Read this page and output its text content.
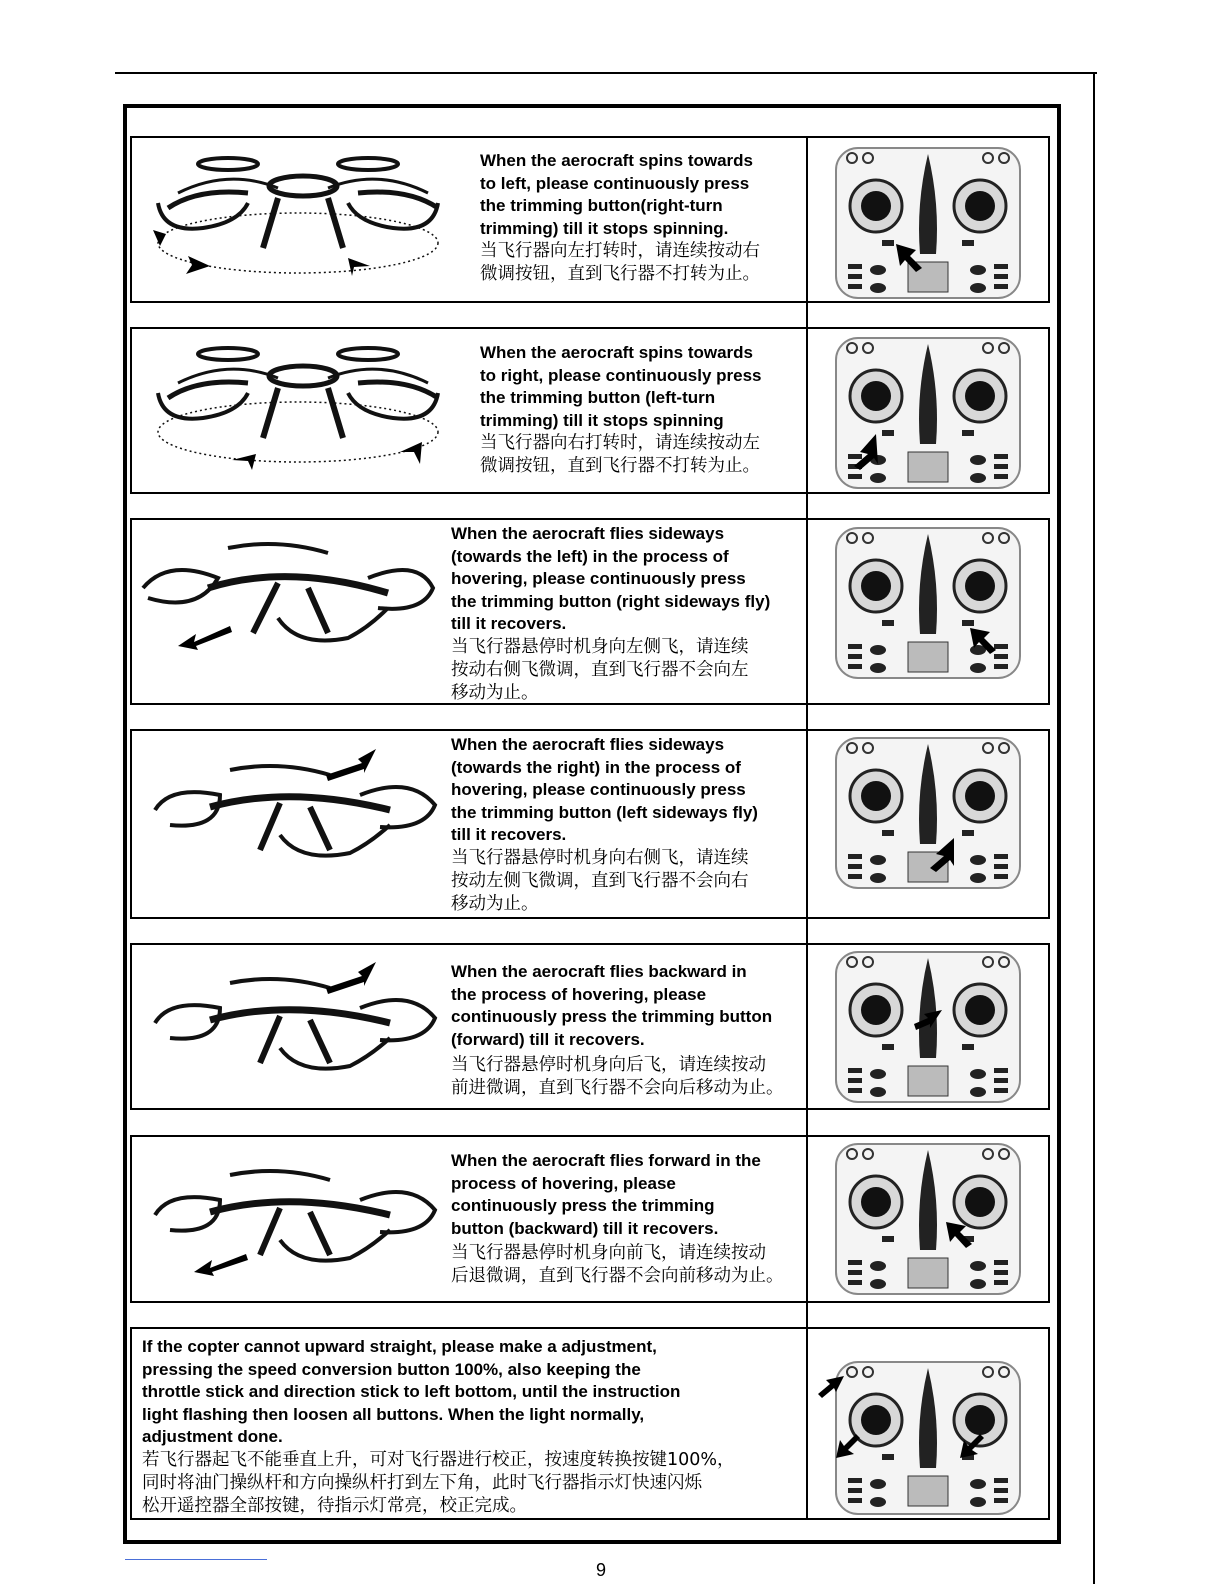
When the aerocraft spins towards
to left, please continuously press
the trimming button(right-turn
trimming) till it stops spinning.
当飞行器向左打转时，请连续按动右
微调按钮，直到飞行器不打转为止。
When the aerocraft spins towards
to right, please continuously press
the trimming button (left-turn
trimming) till it stops spinning
当飞行器向右打转时，请连续按动左
微调按钮，直到飞行器不打转为止。
When the aerocraft flies sideways
(towards the left) in the process of
hovering, please continuously press
the trimming button (right sideways fly)
till it recovers.
当飞行器悬停时机身向左侧飞，请连续
按动右侧飞微调，直到飞行器不会向左
移动为止。
When the aerocraft flies sideways
(towards the right) in the process of
hovering, please continuously press
the trimming button (left sideways fly)
till it recovers.
当飞行器悬停时机身向右侧飞，请连续
按动左侧飞微调，直到飞行器不会向右
移动为止。
When the aerocraft flies backward in
the process of hovering, please
continuously press the trimming button
(forward) till it recovers.
当飞行器悬停时机身向后飞，请连续按动
前进微调，直到飞行器不会向后移动为止。
When the aerocraft flies forward in the
process of hovering, please
continuously press the trimming
button (backward) till it recovers.
当飞行器悬停时机身向前飞，请连续按动
后退微调，直到飞行器不会向前移动为止。
If the copter cannot upward straight, please make a adjustment,
pressing the speed conversion button 100%, also keeping the
throttle stick and direction stick to left bottom, until the instruction
light flashing then loosen all buttons. When the light normally,
adjustment done.
若飞行器起飞不能垂直上升，可对飞行器进行校正，按速度转换按键100%，
同时将油门操纵杆和方向操纵杆打到左下角，此时飞行器指示灯快速闪烁
松开遥控器全部按键，待指示灯常亮，校正完成。
9
